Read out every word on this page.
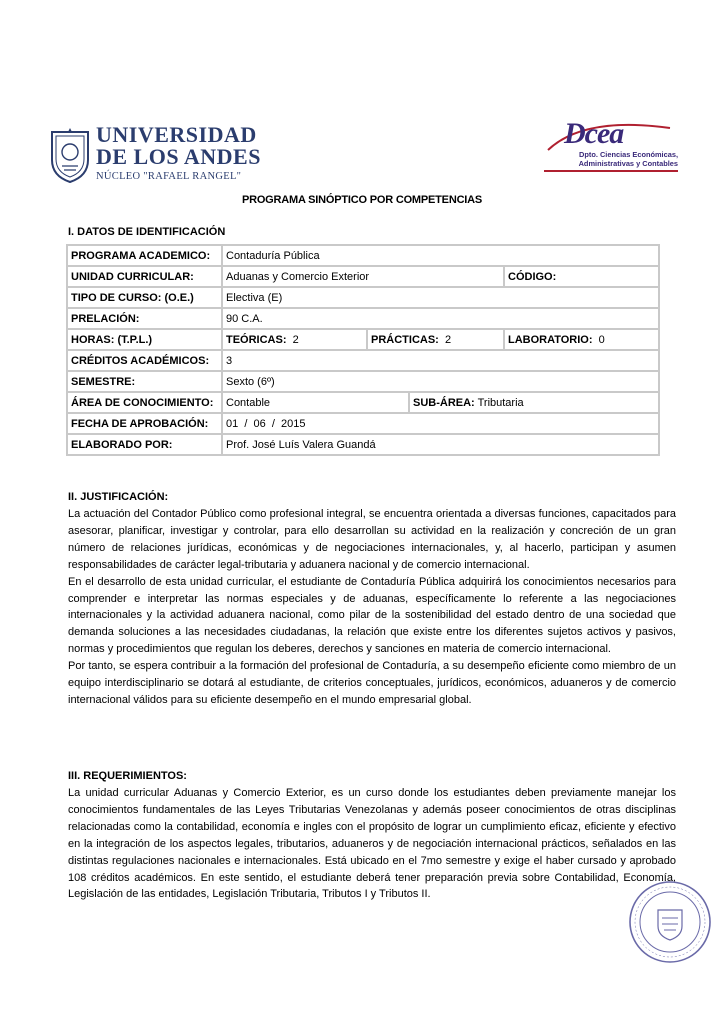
UNIVERSIDAD
DE LOS ANDES
NÚCLEO "RAFAEL RANGEL"
Dcea
Dpto. Ciencias Económicas,
Administrativas y Contables
PROGRAMA SINÓPTICO POR COMPETENCIAS
I. DATOS DE IDENTIFICACIÓN
PROGRAMA ACADEMICO:	Contaduría Pública			
UNIDAD CURRICULAR:	Aduanas y Comercio Exterior			CÓDIGO:
TIPO DE CURSO: (O.E.)	Electiva (E)			
PRELACIÓN:	90 C.A.			
HORAS: (T.P.L.)	TEÓRICAS: 2	PRÁCTICAS: 2		LABORATORIO: 0
CRÉDITOS ACADÉMICOS:	3			
SEMESTRE:	Sexto (6º)			
ÁREA DE CONOCIMIENTO:	Contable		SUB-ÁREA: Tributaria	
FECHA DE APROBACIÓN:	01  /  06  /  2015			
ELABORADO POR:	Prof. José Luís Valera Guandá			
II. JUSTIFICACIÓN:

La actuación del Contador Público como profesional integral, se encuentra orientada a diversas funciones, capacitados para asesorar, planificar, investigar y controlar, para ello desarrollan su actividad en la realización y concreción de un gran número de relaciones jurídicas, económicas y de negociaciones internacionales, y, al hacerlo, participan y asumen responsabilidades de carácter legal-tributaria y aduanera nacional y de comercio internacional.

En el desarrollo de esta unidad curricular, el estudiante de Contaduría Pública adquirirá los conocimientos necesarios para comprender e interpretar las normas especiales y de aduanas, específicamente lo referente a las negociaciones internacionales y la actividad aduanera nacional, como pilar de la sostenibilidad del estado dentro de una sociedad que demanda soluciones a las necesidades ciudadanas, la relación que existe entre los diferentes sujetos activos y pasivos, normas y procedimientos que regulan los deberes, derechos y sanciones en materia de comercio internacional.

Por tanto, se espera contribuir a la formación del profesional de Contaduría, a su desempeño eficiente como miembro de un equipo interdisciplinario se dotará al estudiante, de criterios conceptuales, jurídicos, económicos, aduaneros y de comercio internacional válidos para su eficiente desempeño en el mundo empresarial global.

III. REQUERIMIENTOS:

La unidad curricular Aduanas y Comercio Exterior, es un curso donde los estudiantes deben previamente manejar los conocimientos fundamentales de las Leyes Tributarias Venezolanas y además poseer conocimientos de otras disciplinas relacionadas como la contabilidad, economía e ingles con el propósito de lograr un cumplimiento eficaz, eficiente y efectivo en la integración de los aspectos legales, tributarios, aduaneros y de negociación internacional prácticos, señalados en las distintas regulaciones nacionales e internacionales. Está ubicado en el 7mo semestre y exige el haber cursado y aprobado 108 créditos académicos. En este sentido, el estudiante deberá tener preparación previa sobre Contabilidad, Economía, Legislación de las entidades, Legislación Tributaria, Tributos I y Tributos II.
